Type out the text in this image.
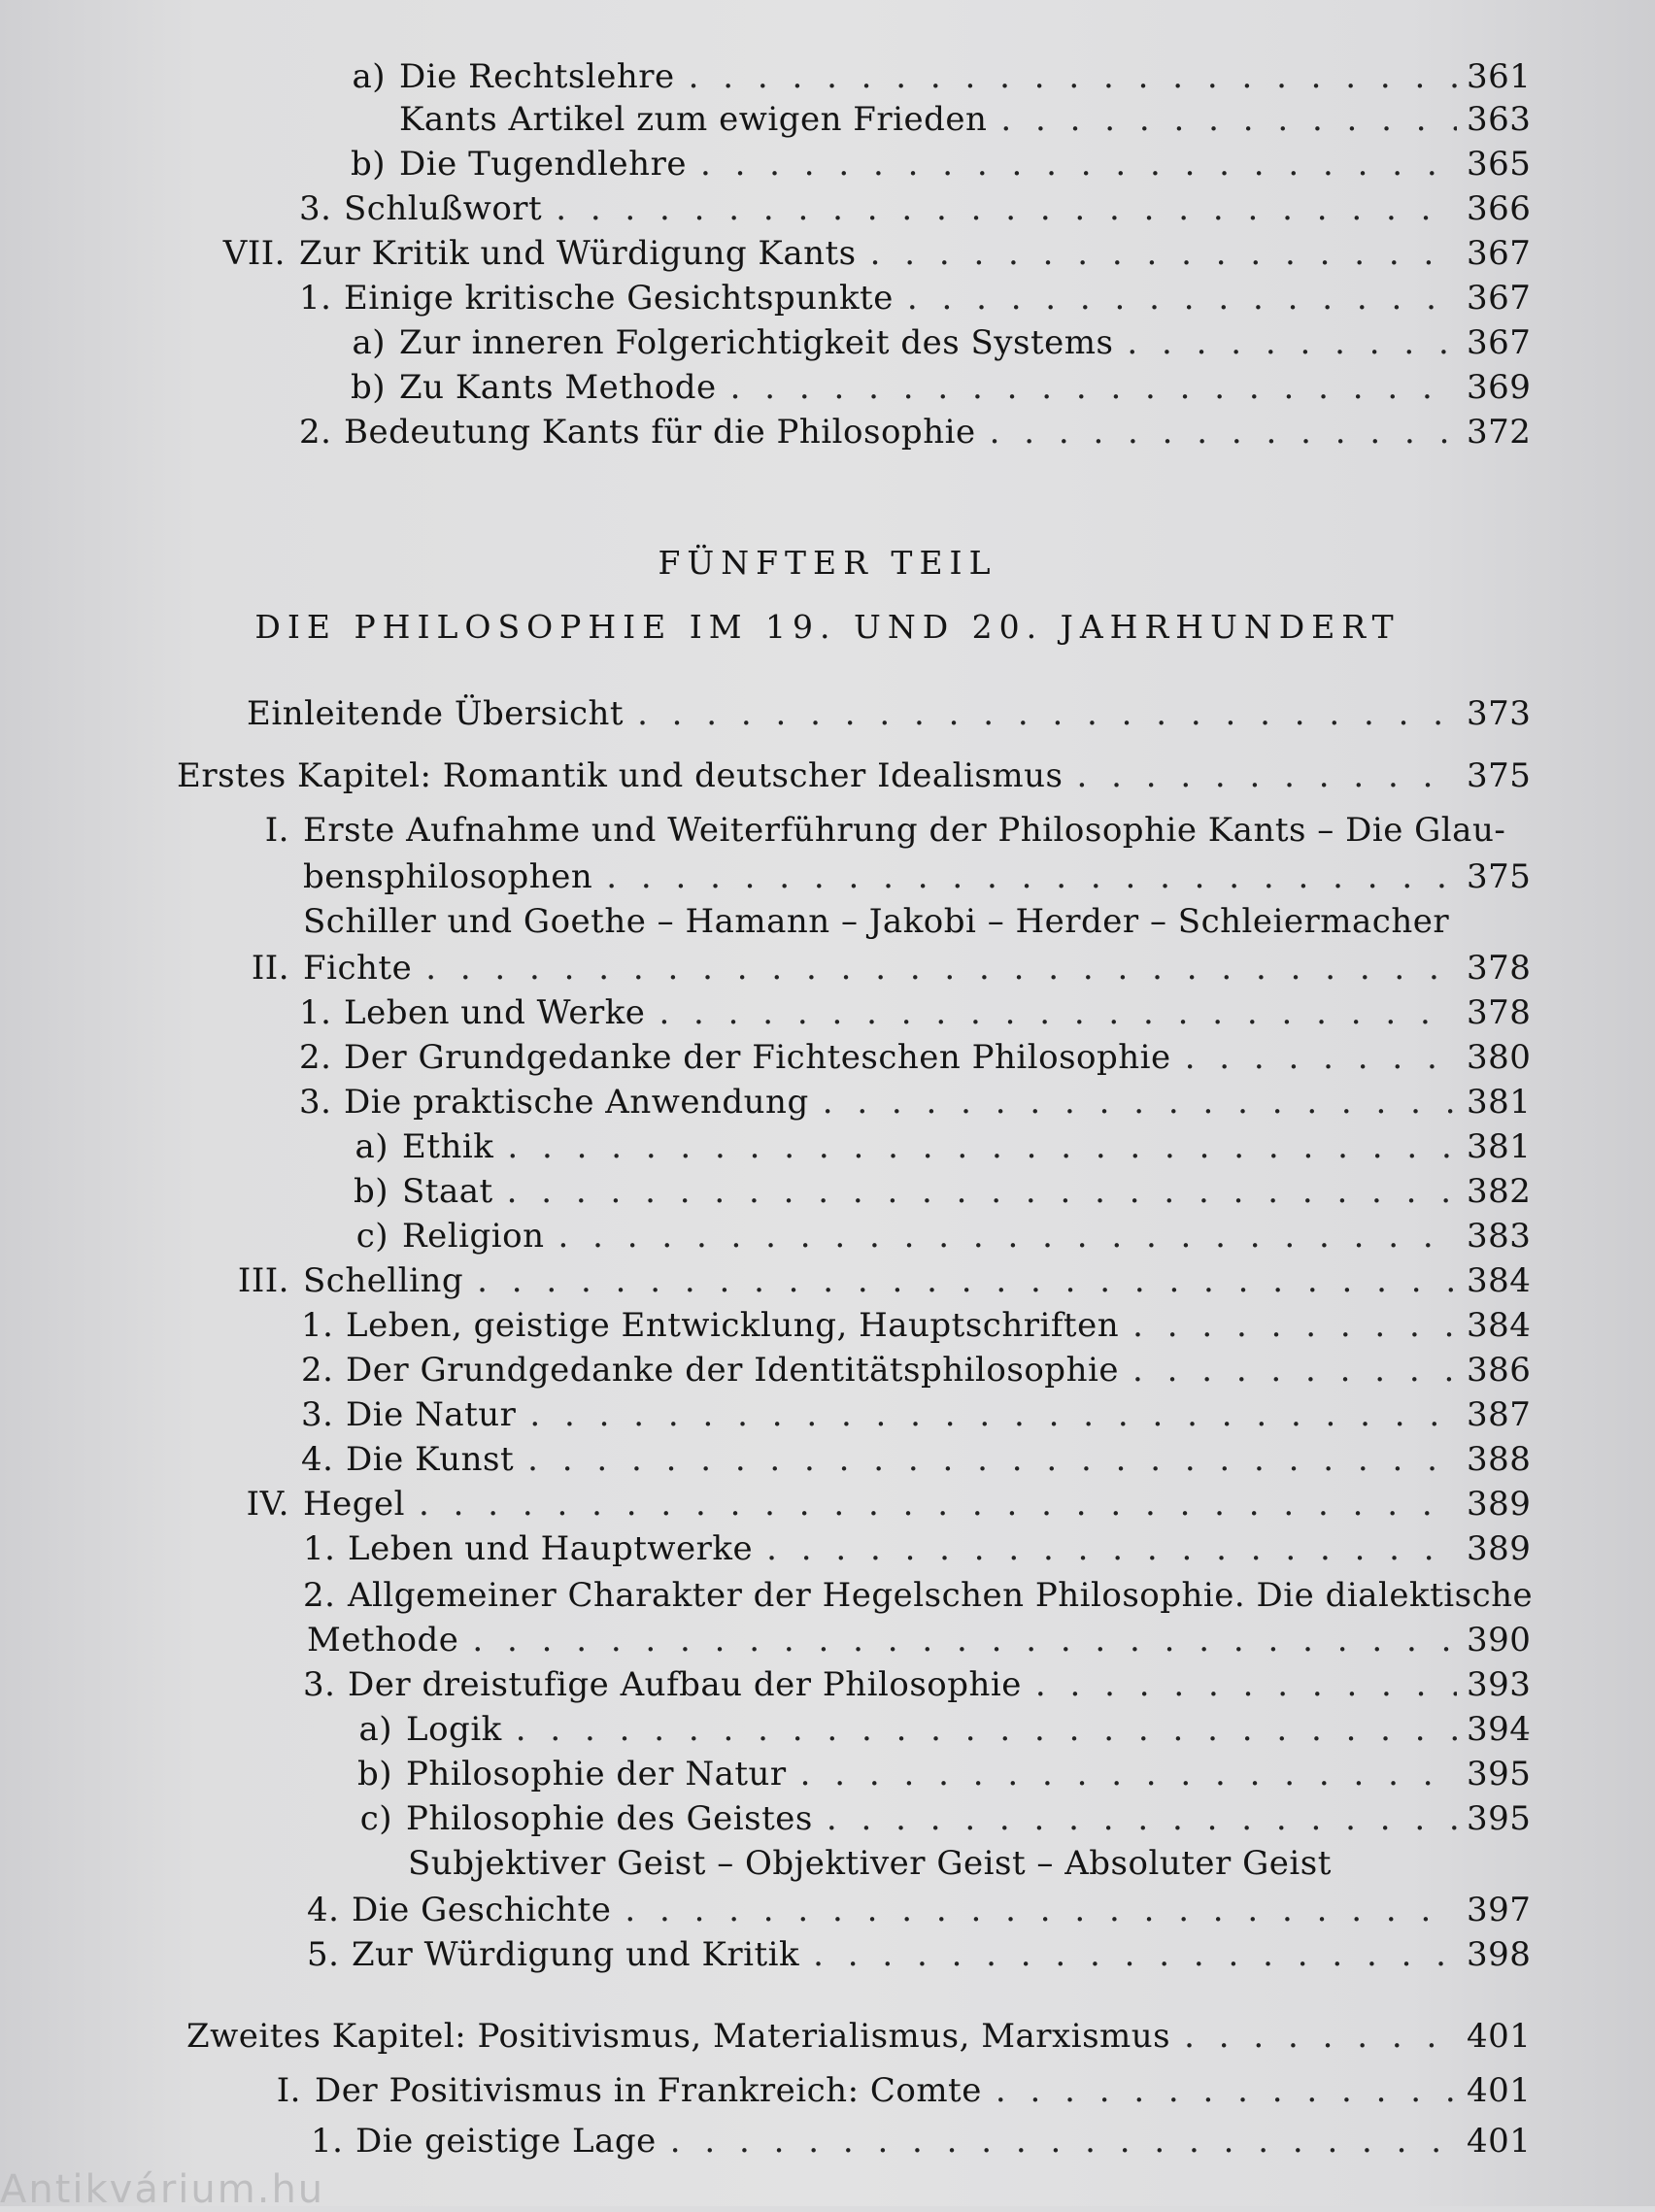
FÜNFTER TEIL
DIE PHILOSOPHIE IM 19. UND 20. JAHRHUNDERT
a) Die Rechtslehre . . .	361
Kants Artikel zum ewigen Frieden . . .	363
b) Die Tugendlehre . . .	365
3. Schlußwort . . .	366
VII. Zur Kritik und Würdigung Kants . . .	367
1. Einige kritische Gesichtspunkte . . .	367
a) Zur inneren Folgerichtigkeit des Systems . . .	367
b) Zu Kants Methode . . .	369
2. Bedeutung Kants für die Philosophie . . .	372
Einleitende Übersicht . . .	373
Erstes Kapitel: Romantik und deutscher Idealismus . . .	375
I. Erste Aufnahme und Weiterführung der Philosophie Kants – Die Glau-
bensphilosophen . . .	375
Schiller und Goethe – Hamann – Jakobi – Herder – Schleiermacher
II. Fichte . . .	378
1. Leben und Werke . . .	378
2. Der Grundgedanke der Fichteschen Philosophie . . .	380
3. Die praktische Anwendung . . .	381
a) Ethik . . .	381
b) Staat . . .	382
c) Religion . . .	383
III. Schelling . . .	384
1. Leben, geistige Entwicklung, Hauptschriften . . .	384
2. Der Grundgedanke der Identitätsphilosophie . . .	386
3. Die Natur . . .	387
4. Die Kunst . . .	388
IV. Hegel . . .	389
1. Leben und Hauptwerke . . .	389
2. Allgemeiner Charakter der Hegelschen Philosophie. Die dialektische
Methode . . .	390
3. Der dreistufige Aufbau der Philosophie . . .	393
a) Logik . . .	394
b) Philosophie der Natur . . .	395
c) Philosophie des Geistes . . .	395
Subjektiver Geist – Objektiver Geist – Absoluter Geist
4. Die Geschichte . . .	397
5. Zur Würdigung und Kritik . . .	398
Zweites Kapitel: Positivismus, Materialismus, Marxismus . . .	401
I. Der Positivismus in Frankreich: Comte . . .	401
1. Die geistige Lage . . .	401
Antikvárium.hu
